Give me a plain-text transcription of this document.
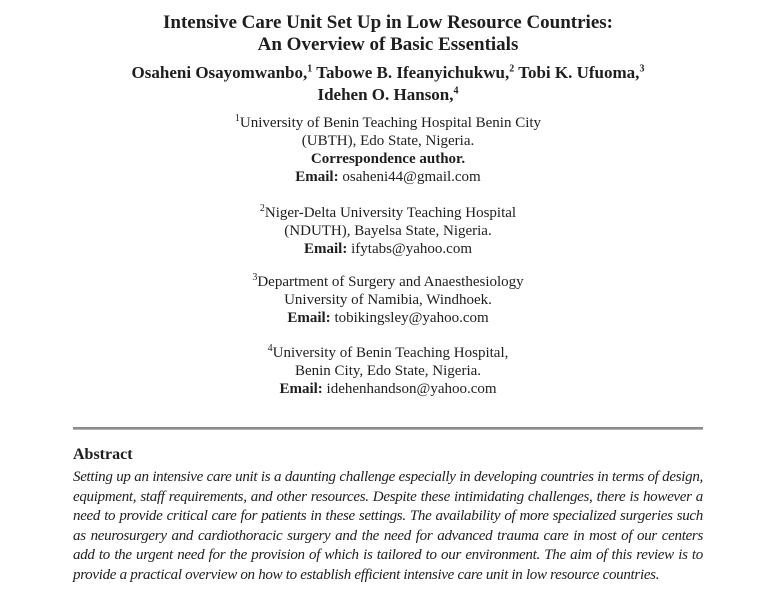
Intensive Care Unit Set Up in Low Resource Countries:
An Overview of Basic Essentials
Osaheni Osayomwanbo,$^1$ Tabowe B. Ifeanyichukwu,$^2$ Tobi K. Ufuoma,$^3$
Idehen O. Hanson,$^4$
$^1$University of Benin Teaching Hospital Benin City
(UBTH), Edo State, Nigeria.
Correspondence author.
Email: osaheni44@gmail.com
$^2$Niger-Delta University Teaching Hospital
(NDUTH), Bayelsa State, Nigeria.
Email: ifytabs@yahoo.com
$^3$Department of Surgery and Anaesthesiology
University of Namibia, Windhoek.
Email: tobikingsley@yahoo.com
$^4$University of Benin Teaching Hospital,
Benin City, Edo State, Nigeria.
Email: idehenhandson@yahoo.com
Abstract
Setting up an intensive care unit is a daunting challenge especially in developing countries in terms of design, equipment, staff requirements, and other resources. Despite these intimidating challenges, there is however a need to provide critical care for patients in these settings. The availability of more specialized surgeries such as neurosurgery and cardiothoracic surgery and the need for advanced trauma care in most of our centers add to the urgent need for the provision of which is tailored to our environment. The aim of this review is to provide a practical overview on how to establish efficient intensive care unit in low resource countries.
